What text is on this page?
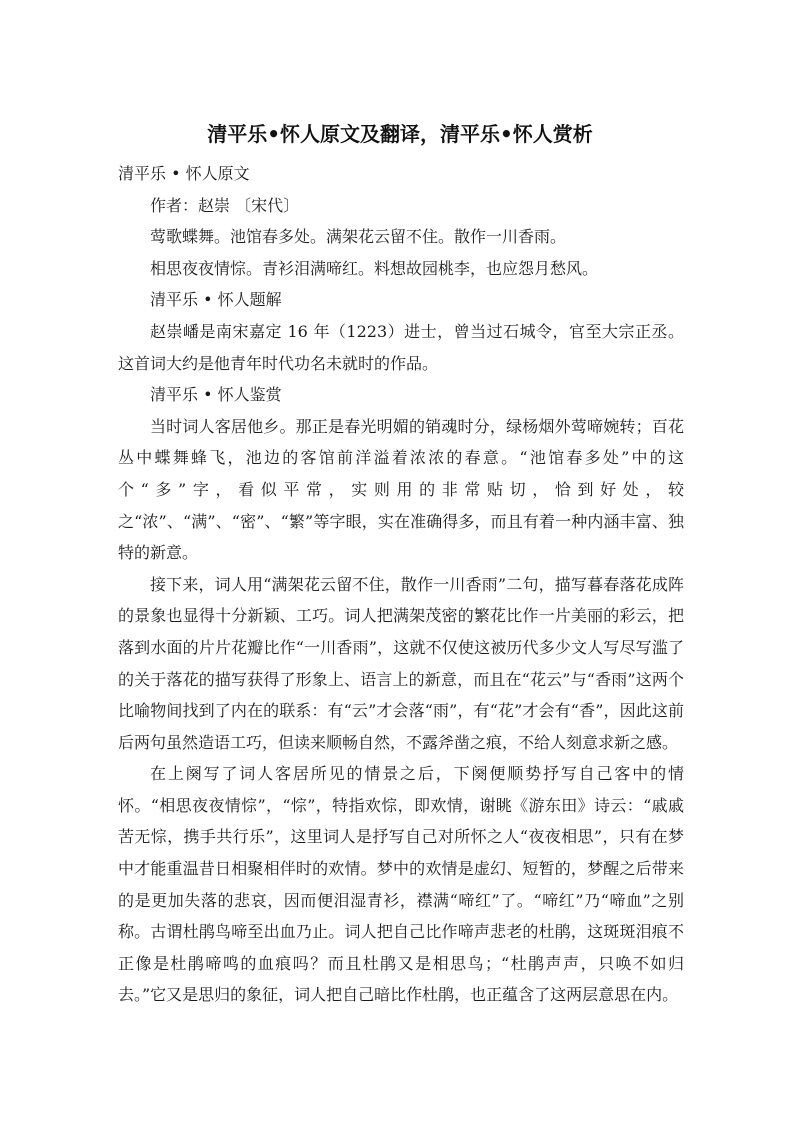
清平乐•怀人原文及翻译，清平乐•怀人赏析

清平乐 • 怀人原文

作者：赵崇 〔宋代〕

莺歌蝶舞。池馆春多处。满架花云留不住。散作一川香雨。

相思夜夜情悰。青衫泪满啼红。料想故园桃李，也应怨月愁风。

清平乐 • 怀人题解

赵崇嶓是南宋嘉定 16 年（1223）进士，曾当过石城令，官至大宗正丞。这首词大约是他青年时代功名未就时的作品。

清平乐 • 怀人鉴赏

当时词人客居他乡。那正是春光明媚的销魂时分，绿杨烟外莺啼婉转；百花丛中蝶舞蜂飞，池边的客馆前洋溢着浓浓的春意。“池馆春多处”中的这个“多”字，看似平常，实则用的非常贴切，恰到好处，较之“浓”、“满”、“密”、“繁”等字眼，实在准确得多，而且有着一种内涵丰富、独特的新意。

接下来，词人用“满架花云留不住，散作一川香雨”二句，描写暮春落花成阵的景象也显得十分新颖、工巧。词人把满架茂密的繁花比作一片美丽的彩云，把落到水面的片片花瓣比作“一川香雨”，这就不仅使这被历代多少文人写尽写滥了的关于落花的描写获得了形象上、语言上的新意，而且在“花云”与“香雨”这两个比喻物间找到了内在的联系：有“云”才会落“雨”，有“花”才会有“香”，因此这前后两句虽然造语工巧，但读来顺畅自然，不露斧凿之痕，不给人刻意求新之感。

在上阕写了词人客居所见的情景之后，下阕便顺势抒写自己客中的情怀。“相思夜夜情悰”，“悰”，特指欢悰，即欢情，谢眺《游东田》诗云：“戚戚苦无悰，携手共行乐”，这里词人是抒写自己对所怀之人“夜夜相思”，只有在梦中才能重温昔日相聚相伴时的欢情。梦中的欢情是虚幻、短暂的，梦醒之后带来的是更加失落的悲哀，因而便泪湿青衫，襟满“啼红”了。“啼红”乃“啼血”之别称。古谓杜鹃鸟啼至出血乃止。词人把自己比作啼声悲老的杜鹃，这斑斑泪痕不正像是杜鹃啼鸣的血痕吗？而且杜鹃又是相思鸟；“杜鹃声声，只唤不如归去。”它又是思归的象征，词人把自己暗比作杜鹃，也正蕴含了这两层意思在内。
